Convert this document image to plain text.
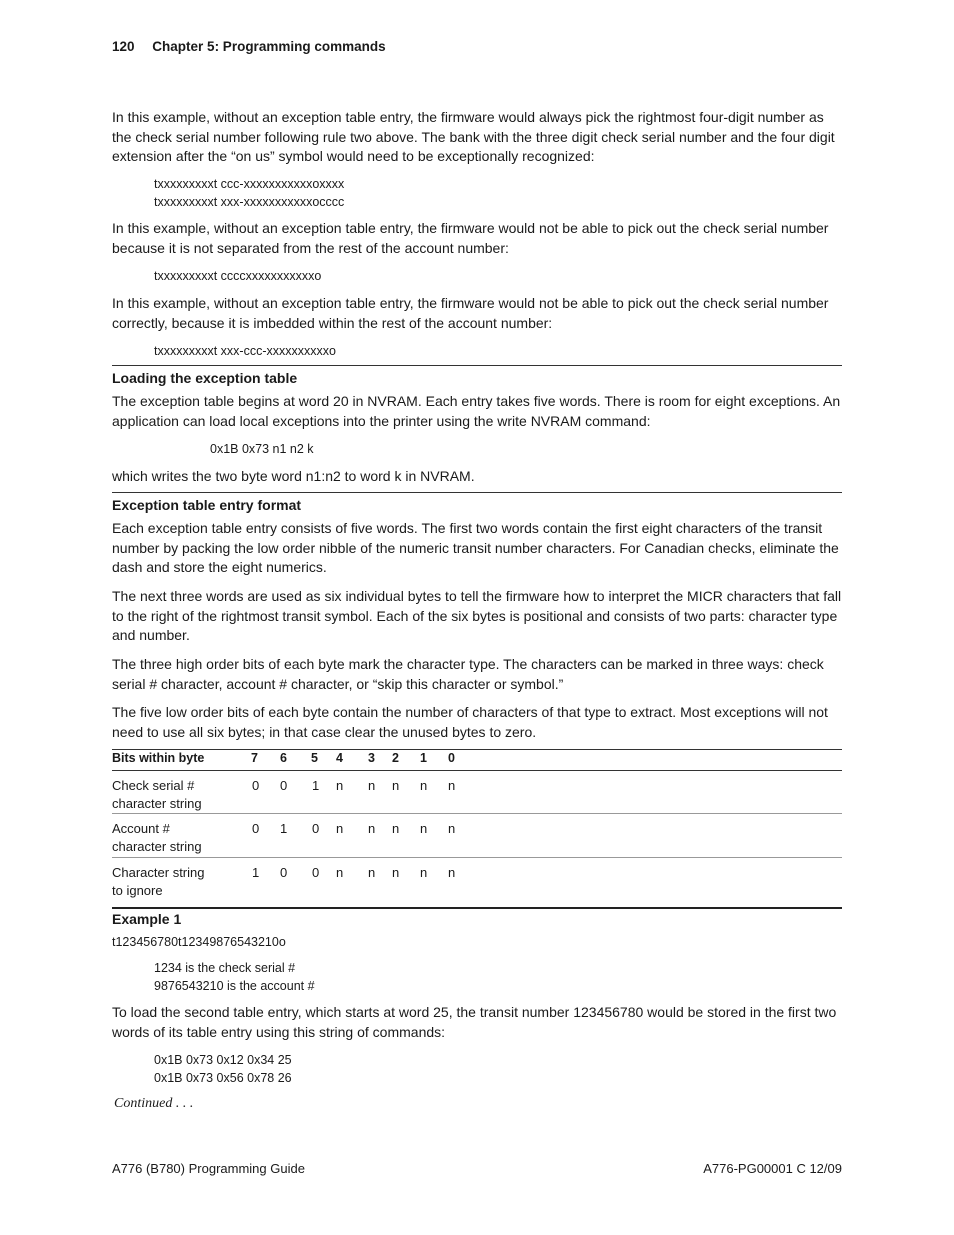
120 Chapter 5: Programming commands
In this example, without an exception table entry, the firmware would always pick the rightmost four-digit number as the check serial number following rule two above. The bank with the three digit check serial number and the four digit extension after the “on us” symbol would need to be exceptionally recognized:
txxxxxxxxxt ccc-xxxxxxxxxxxoxxxx
txxxxxxxxxt xxx-xxxxxxxxxxxocccc
In this example, without an exception table entry, the firmware would not be able to pick out the check serial number because it is not separated from the rest of the account number:
txxxxxxxxxt ccccxxxxxxxxxxxo
In this example, without an exception table entry, the firmware would not be able to pick out the check serial number correctly, because it is imbedded within the rest of the account number:
txxxxxxxxxt xxx-ccc-xxxxxxxxxxo
Loading the exception table
The exception table begins at word 20 in NVRAM. Each entry takes five words. There is room for eight exceptions. An application can load local exceptions into the printer using the write NVRAM command:
0x1B 0x73 n1 n2 k
which writes the two byte word n1:n2 to word k in NVRAM.
Exception table entry format
Each exception table entry consists of five words. The first two words contain the first eight characters of the transit number by packing the low order nibble of the numeric transit number characters. For Canadian checks, eliminate the dash and store the eight numerics.
The next three words are used as six individual bytes to tell the firmware how to interpret the MICR characters that fall to the right of the rightmost transit symbol. Each of the six bytes is positional and consists of two parts: character type and number.
The three high order bits of each byte mark the character type. The characters can be marked in three ways: check serial # character, account # character, or “skip this character or symbol.”
The five low order bits of each byte contain the number of characters of that type to extract. Most exceptions will not need to use all six bytes; in that case clear the unused bytes to zero.
Bits within byte	7 6 5 4 3 2 1 0
Check serial #
character string
0 0 1 n n n n n
Account #
character string
0 1 0 n n n n n
Character string
to ignore
1 0 0 n n n n n
Example 1
t123456780t12349876543210o
1234 is the check serial #
9876543210 is the account #
To load the second table entry, which starts at word 25, the transit number 123456780 would be stored in the first two words of its table entry using this string of commands:
0x1B 0x73 0x12 0x34 25
0x1B 0x73 0x56 0x78 26
Continued . . .
A776 (B780) Programming Guide	A776-PG00001 C 12/09
